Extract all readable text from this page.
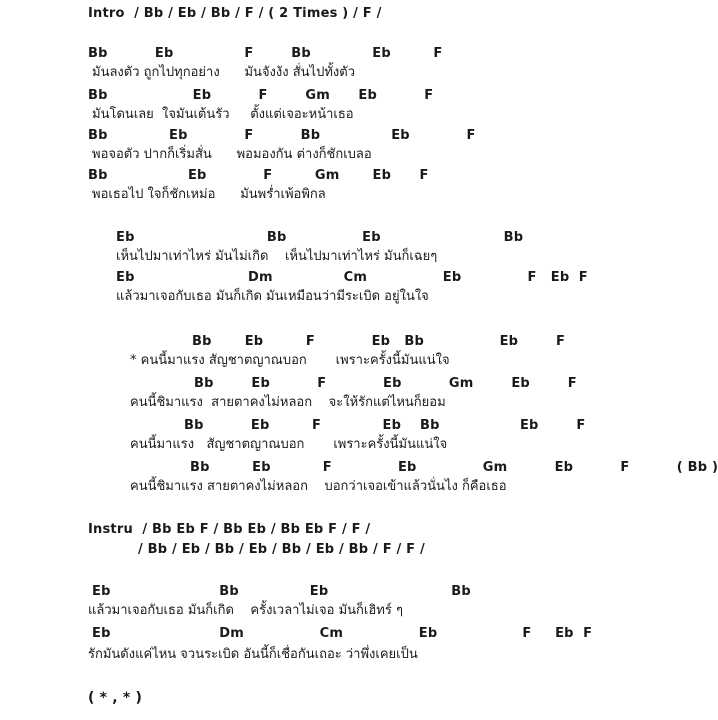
Intro  / Bb / Eb / Bb / F / ( 2 Times ) / F /
Bb          Eb               F        Bb             Eb         F
มันลงตัว ถูกไปทุกอย่าง      มันจังงัง สั่นไปทั้งตัว
Bb                  Eb          F        Gm      Eb          F
มันโดนเลย  ใจมันเต้นรัว     ตั้งแต่เจอะหน้าเธอ
Bb             Eb            F          Bb               Eb            F
พอจอตัว ปากก็เริ่มสั่น      พอมองกัน ต่างก็ชักเบลอ
Bb                 Eb            F         Gm       Eb      F
พอเธอไป ใจก็ชักเหม่อ      มันพร่ำเพ้อพิกล
Eb                            Bb                Eb                          Bb
เห็นไปมาเท่าไหร่ มันไม่เกิด    เห็นไปมาเท่าไหร่ มันก็เฉยๆ
Eb                        Dm               Cm                Eb              F   Eb  F
แล้วมาเจอกับเธอ มันก็เกิด มันเหมือนว่ามีระเบิด อยู่ในใจ
Bb       Eb         F            Eb   Bb                Eb        F
* คนนี้มาแรง สัญชาตญาณบอก       เพราะครั้งนี้มันแน่ใจ
Bb        Eb          F            Eb          Gm        Eb        F
คนนี้ชิมาแรง  สายตาคงไม่หลอก    จะให้รักแต่ไหนก็ยอม
Bb          Eb         F             Eb    Bb                 Eb        F
คนนี้มาแรง   สัญชาตญาณบอก       เพราะครั้งนี้มันแน่ใจ
Bb         Eb           F              Eb              Gm          Eb          F          ( Bb )
คนนี้ชิมาแรง สายตาคงไม่หลอก    บอกว่าเจอเข้าแล้วนั่นไง ก็คือเธอ
Instru  / Bb Eb F / Bb Eb / Bb Eb F / F /
/ Bb / Eb / Bb / Eb / Bb / Eb / Bb / F / F /
Eb                       Bb               Eb                          Bb
แล้วมาเจอกับเธอ มันก็เกิด    ครั้งเวลาไม่เจอ มันก็เฮิทร์ ๆ
Eb                       Dm                Cm                Eb                  F     Eb  F
รักมันดังแค่ไหน จวนระเบิด อันนี้ก็เชื่อกันเถอะ ว่าพึ่งเคยเป็น
( * , * )
